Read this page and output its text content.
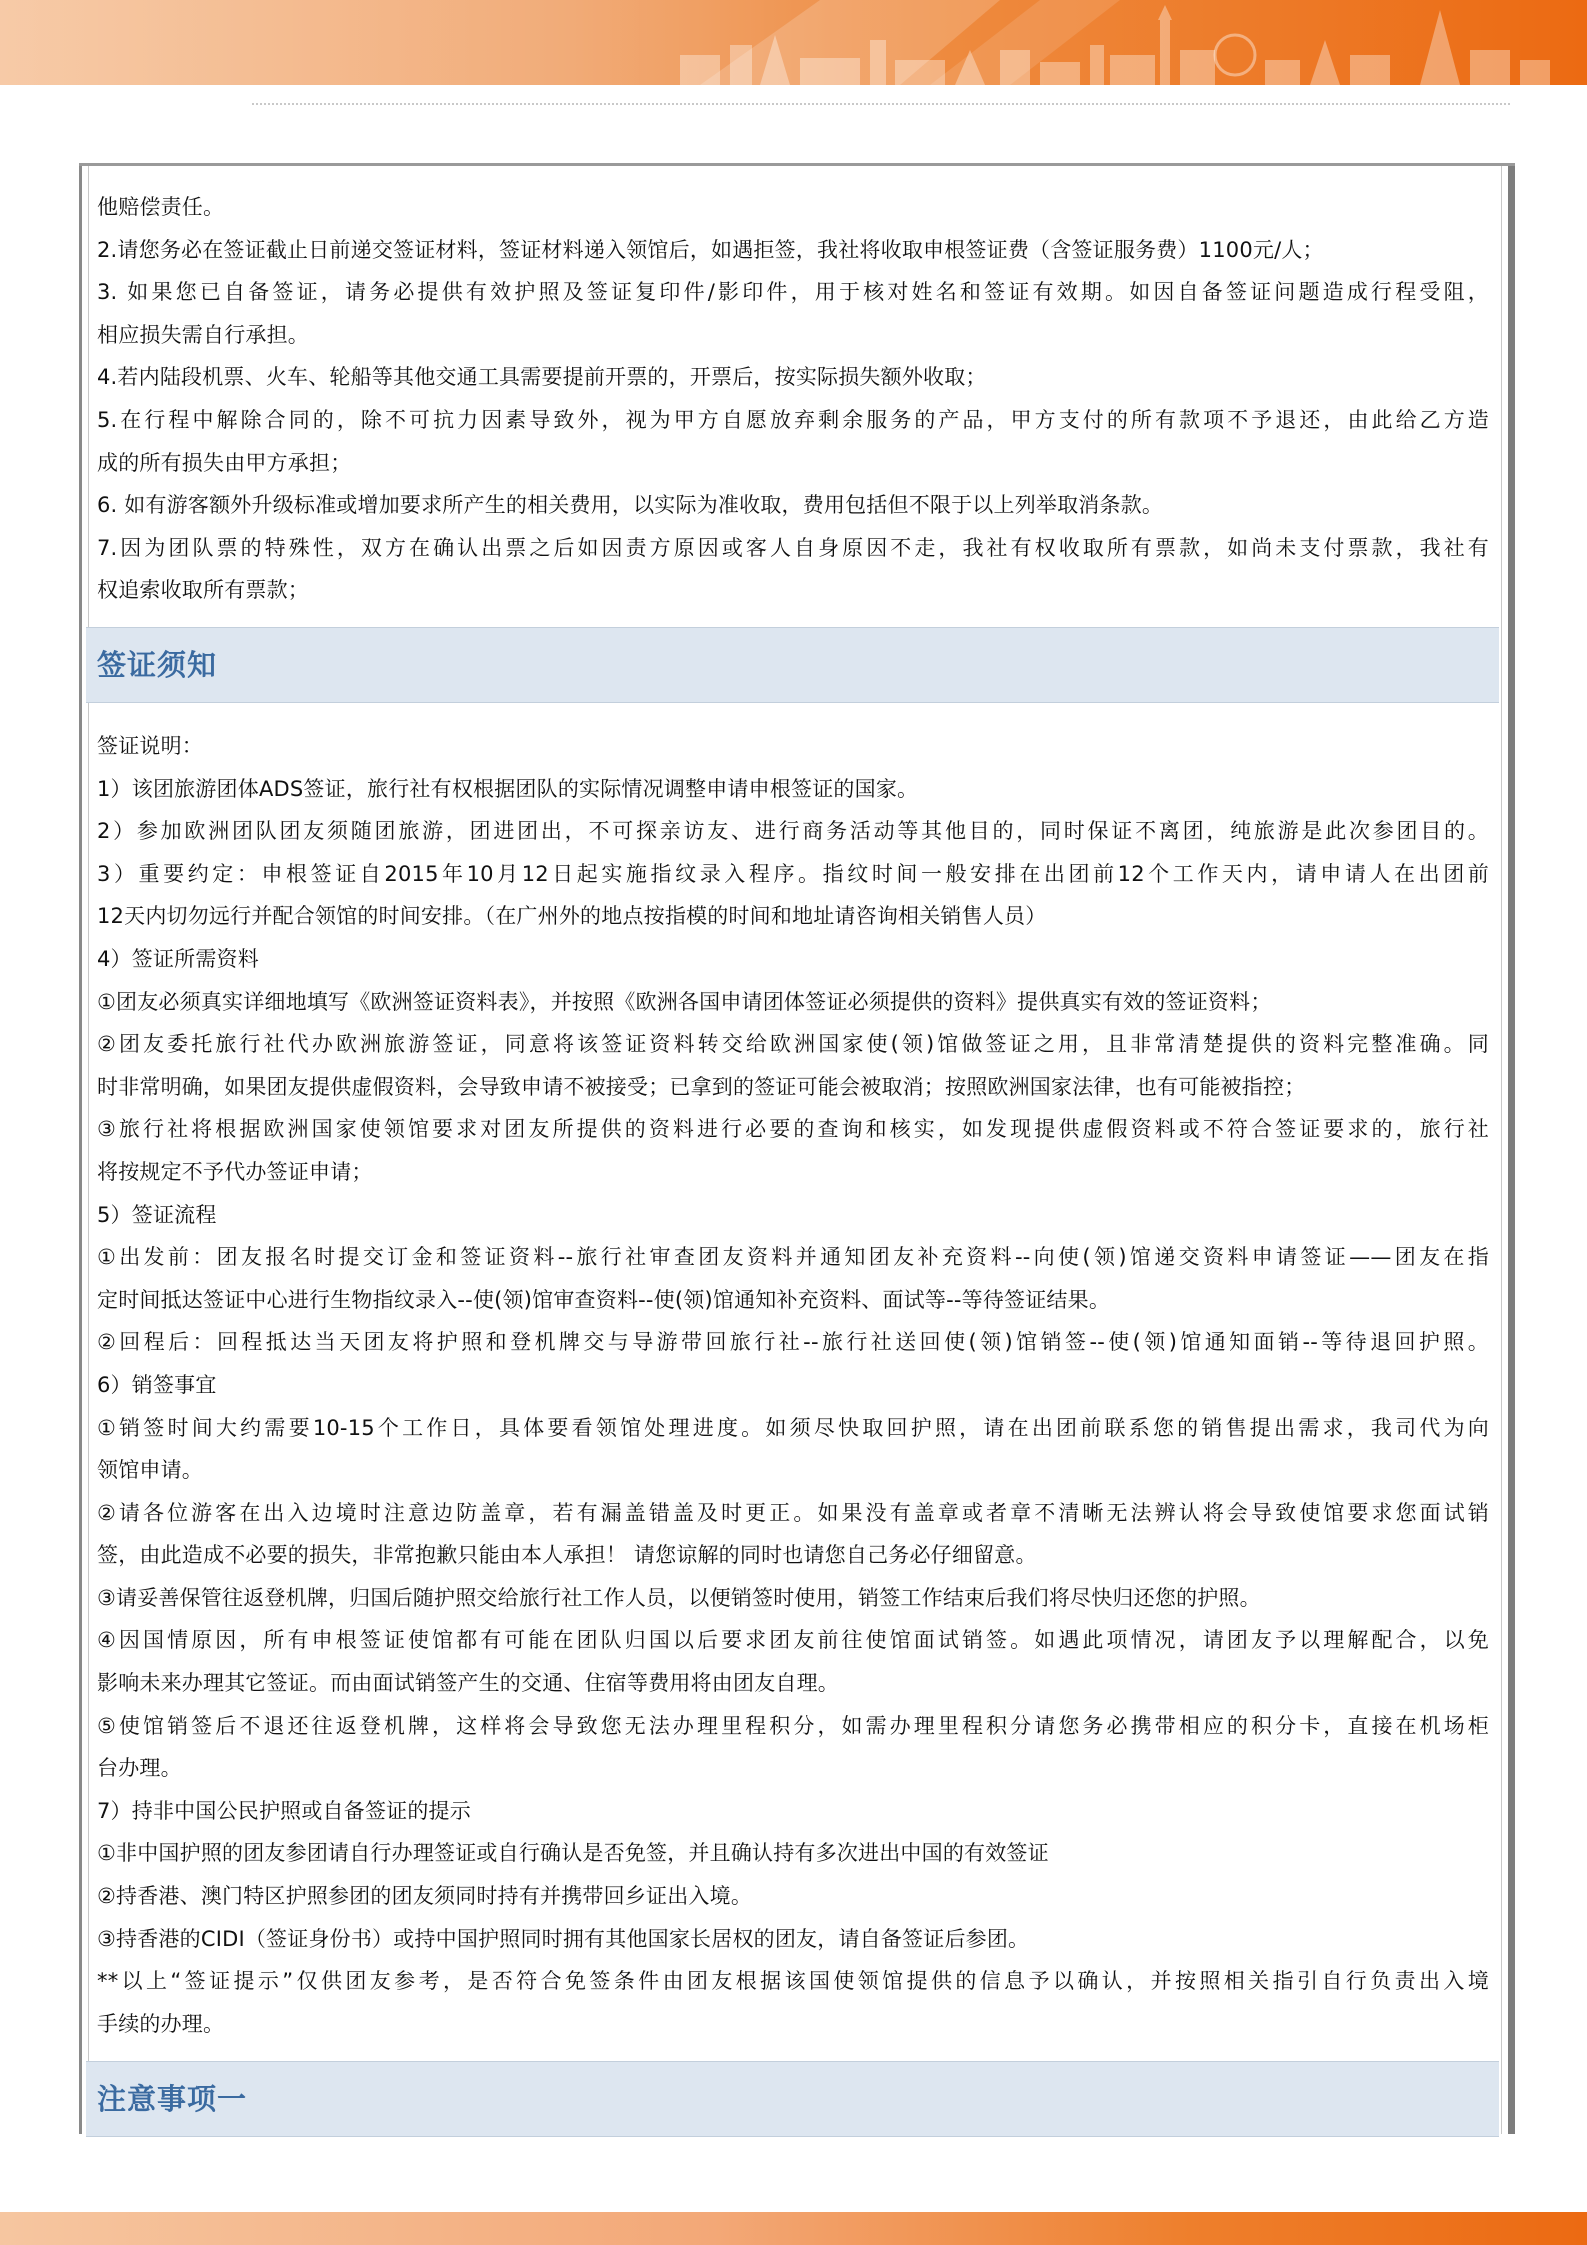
他赔偿责任。
2.请您务必在签证截止日前递交签证材料，签证材料递入领馆后，如遇拒签，我社将收取申根签证费（含签证服务费）1100元/人；
3. 如果您已自备签证，请务必提供有效护照及签证复印件/影印件，用于核对姓名和签证有效期。如因自备签证问题造成行程受阻，
相应损失需自行承担。
4.若内陆段机票、火车、轮船等其他交通工具需要提前开票的，开票后，按实际损失额外收取；
5.在行程中解除合同的，除不可抗力因素导致外，视为甲方自愿放弃剩余服务的产品，甲方支付的所有款项不予退还，由此给乙方造
成的所有损失由甲方承担；
6. 如有游客额外升级标准或增加要求所产生的相关费用，以实际为准收取，费用包括但不限于以上列举取消条款。
7.因为团队票的特殊性，双方在确认出票之后如因责方原因或客人自身原因不走，我社有权收取所有票款，如尚未支付票款，我社有
权追索收取所有票款；
签证须知
签证说明：
1）该团旅游团体ADS签证，旅行社有权根据团队的实际情况调整申请申根签证的国家。
2）参加欧洲团队团友须随团旅游，团进团出，不可探亲访友、进行商务活动等其他目的，同时保证不离团，纯旅游是此次参团目的。
3）重要约定：申根签证自2015年10月12日起实施指纹录入程序。指纹时间一般安排在出团前12个工作天内，请申请人在出团前
12天内切勿远行并配合领馆的时间安排。（在广州外的地点按指模的时间和地址请咨询相关销售人员）
4）签证所需资料
①团友必须真实详细地填写《欧洲签证资料表》，并按照《欧洲各国申请团体签证必须提供的资料》提供真实有效的签证资料；
②团友委托旅行社代办欧洲旅游签证，同意将该签证资料转交给欧洲国家使(领)馆做签证之用，且非常清楚提供的资料完整准确。同
时非常明确，如果团友提供虚假资料，会导致申请不被接受；已拿到的签证可能会被取消；按照欧洲国家法律，也有可能被指控；
③旅行社将根据欧洲国家使领馆要求对团友所提供的资料进行必要的查询和核实，如发现提供虚假资料或不符合签证要求的，旅行社
将按规定不予代办签证申请；
5）签证流程
①出发前：团友报名时提交订金和签证资料--旅行社审查团友资料并通知团友补充资料--向使(领)馆递交资料申请签证——团友在指
定时间抵达签证中心进行生物指纹录入--使(领)馆审查资料--使(领)馆通知补充资料、面试等--等待签证结果。
②回程后：回程抵达当天团友将护照和登机牌交与导游带回旅行社--旅行社送回使(领)馆销签--使(领)馆通知面销--等待退回护照。
6）销签事宜
①销签时间大约需要10-15个工作日，具体要看领馆处理进度。如须尽快取回护照，请在出团前联系您的销售提出需求，我司代为向
领馆申请。
②请各位游客在出入边境时注意边防盖章，若有漏盖错盖及时更正。如果没有盖章或者章不清晰无法辨认将会导致使馆要求您面试销
签，由此造成不必要的损失，非常抱歉只能由本人承担！ 请您谅解的同时也请您自己务必仔细留意。
③请妥善保管往返登机牌，归国后随护照交给旅行社工作人员，以便销签时使用，销签工作结束后我们将尽快归还您的护照。
④因国情原因，所有申根签证使馆都有可能在团队归国以后要求团友前往使馆面试销签。如遇此项情况，请团友予以理解配合，以免
影响未来办理其它签证。而由面试销签产生的交通、住宿等费用将由团友自理。
⑤使馆销签后不退还往返登机牌，这样将会导致您无法办理里程积分，如需办理里程积分请您务必携带相应的积分卡，直接在机场柜
台办理。
7）持非中国公民护照或自备签证的提示
①非中国护照的团友参团请自行办理签证或自行确认是否免签，并且确认持有多次进出中国的有效签证
②持香港、澳门特区护照参团的团友须同时持有并携带回乡证出入境。
③持香港的CIDI（签证身份书）或持中国护照同时拥有其他国家长居权的团友，请自备签证后参团。
**以上“签证提示”仅供团友参考，是否符合免签条件由团友根据该国使领馆提供的信息予以确认，并按照相关指引自行负责出入境
手续的办理。
注意事项一
